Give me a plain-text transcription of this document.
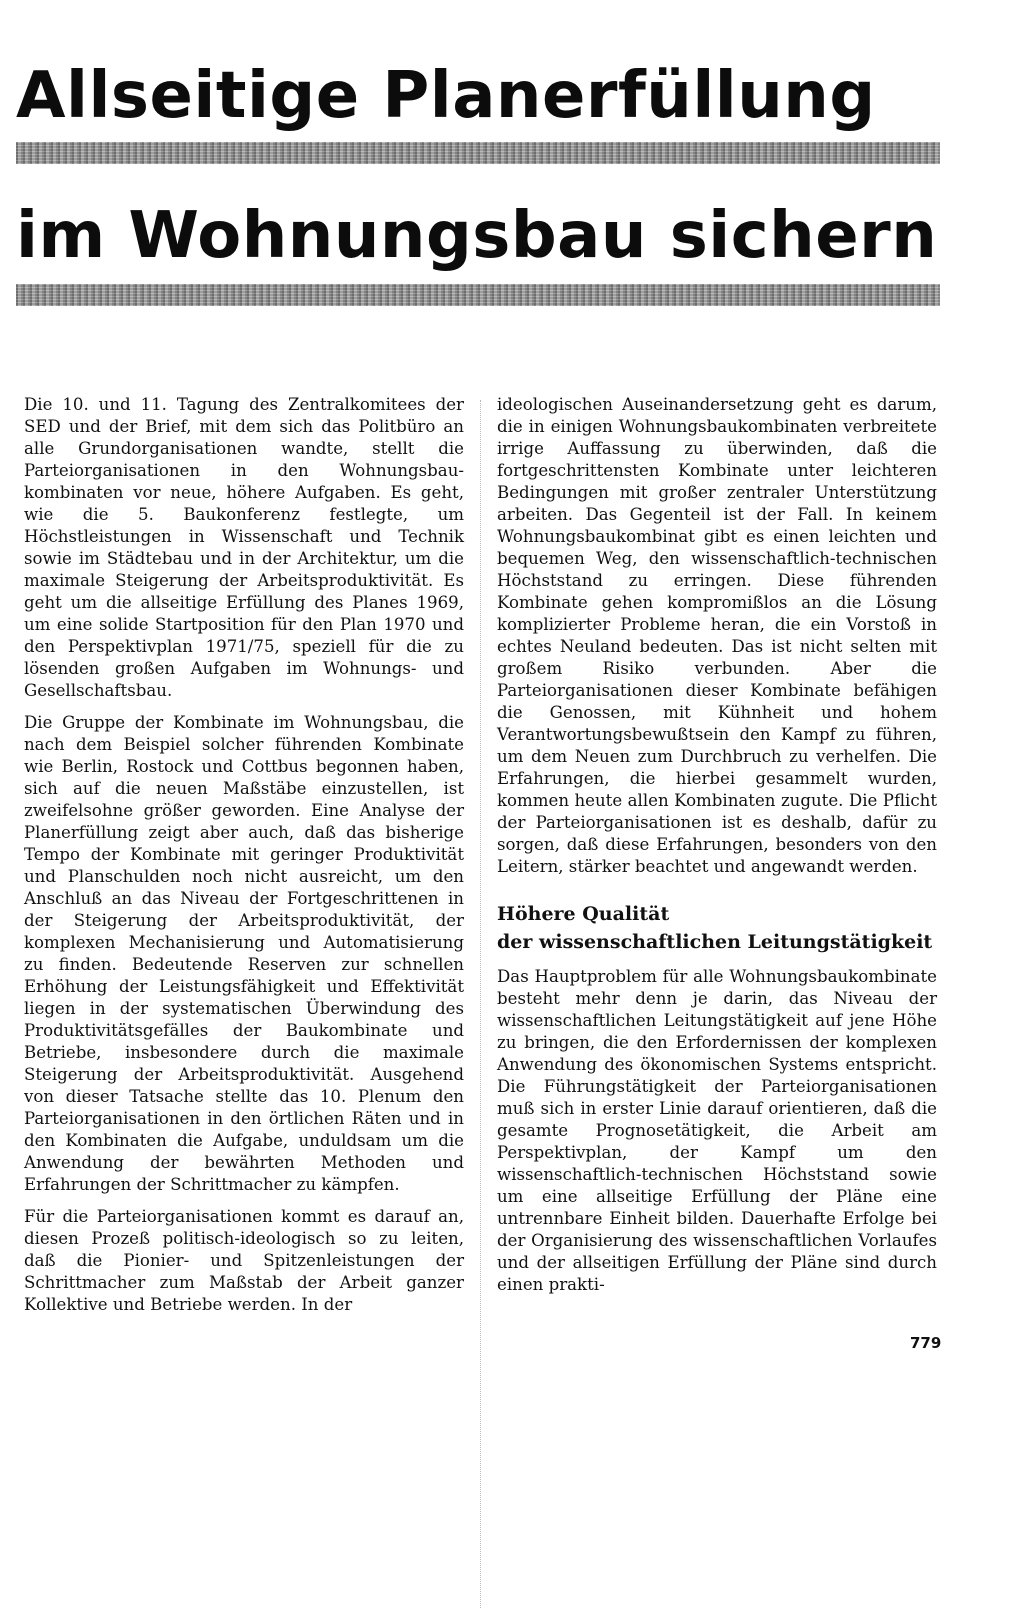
Allseitige Planerfüllung
im Wohnungsbau sichern

Die 10. und 11. Tagung des Zentralkomitees der SED und der Brief, mit dem sich das Politbüro an alle Grundorganisationen wandte, stellt die Parteiorganisationen in den Wohnungsbaukombinaten vor neue, höhere Aufgaben. Es geht, wie die 5. Baukonferenz festlegte, um Höchstleistungen in Wissenschaft und Technik sowie im Städtebau und in der Architektur, um die maximale Steigerung der Arbeitsproduktivität. Es geht um die allseitige Erfüllung des Planes 1969, um eine solide Startposition für den Plan 1970 und den Perspektivplan 1971/75, speziell für die zu lösenden großen Aufgaben im Wohnungs- und Gesellschaftsbau.

Die Gruppe der Kombinate im Wohnungsbau, die nach dem Beispiel solcher führenden Kombinate wie Berlin, Rostock und Cottbus begonnen haben, sich auf die neuen Maßstäbe einzustellen, ist zweifelsohne größer geworden. Eine Analyse der Planerfüllung zeigt aber auch, daß das bisherige Tempo der Kombinate mit geringer Produktivität und Planschulden noch nicht ausreicht, um den Anschluß an das Niveau der Fortgeschrittenen in der Steigerung der Arbeitsproduktivität, der komplexen Mechanisierung und Automatisierung zu finden. Bedeutende Reserven zur schnellen Erhöhung der Leistungsfähigkeit und Effektivität liegen in der systematischen Überwindung des Produktivitätsgefälles der Baukombinate und Betriebe, insbesondere durch die maximale Steigerung der Arbeitsproduktivität. Ausgehend von dieser Tatsache stellte das 10. Plenum den Parteiorganisationen in den örtlichen Räten und in den Kombinaten die Aufgabe, unduldsam um die Anwendung der bewährten Methoden und Erfahrungen der Schrittmacher zu kämpfen.

Für die Parteiorganisationen kommt es darauf an, diesen Prozeß politisch-ideologisch so zu leiten, daß die Pionier- und Spitzenleistungen der Schrittmacher zum Maßstab der Arbeit ganzer Kollektive und Betriebe werden. In der

ideologischen Auseinandersetzung geht es darum, die in einigen Wohnungsbaukombinaten verbreitete irrige Auffassung zu überwinden, daß die fortgeschrittensten Kombinate unter leichteren Bedingungen mit großer zentraler Unterstützung arbeiten. Das Gegenteil ist der Fall. In keinem Wohnungsbaukombinat gibt es einen leichten und bequemen Weg, den wissenschaftlich-technischen Höchststand zu erringen. Diese führenden Kombinate gehen kompromißlos an die Lösung komplizierter Probleme heran, die ein Vorstoß in echtes Neuland bedeuten. Das ist nicht selten mit großem Risiko verbunden. Aber die Parteiorganisationen dieser Kombinate befähigen die Genossen, mit Kühnheit und hohem Verantwortungsbewußtsein den Kampf zu führen, um dem Neuen zum Durchbruch zu verhelfen. Die Erfahrungen, die hierbei gesammelt wurden, kommen heute allen Kombinaten zugute. Die Pflicht der Parteiorganisationen ist es deshalb, dafür zu sorgen, daß diese Erfahrungen, besonders von den Leitern, stärker beachtet und angewandt werden.

Höhere Qualität
der wissenschaftlichen Leitungstätigkeit

Das Hauptproblem für alle Wohnungsbaukombinate besteht mehr denn je darin, das Niveau der wissenschaftlichen Leitungstätigkeit auf jene Höhe zu bringen, die den Erfordernissen der komplexen Anwendung des ökonomischen Systems entspricht. Die Führungstätigkeit der Parteiorganisationen muß sich in erster Linie darauf orientieren, daß die gesamte Prognosetätigkeit, die Arbeit am Perspektivplan, der Kampf um den wissenschaftlich-technischen Höchststand sowie um eine allseitige Erfüllung der Pläne eine untrennbare Einheit bilden. Dauerhafte Erfolge bei der Organisierung des wissenschaftlichen Vorlaufes und der allseitigen Erfüllung der Pläne sind durch einen prakti-

779
